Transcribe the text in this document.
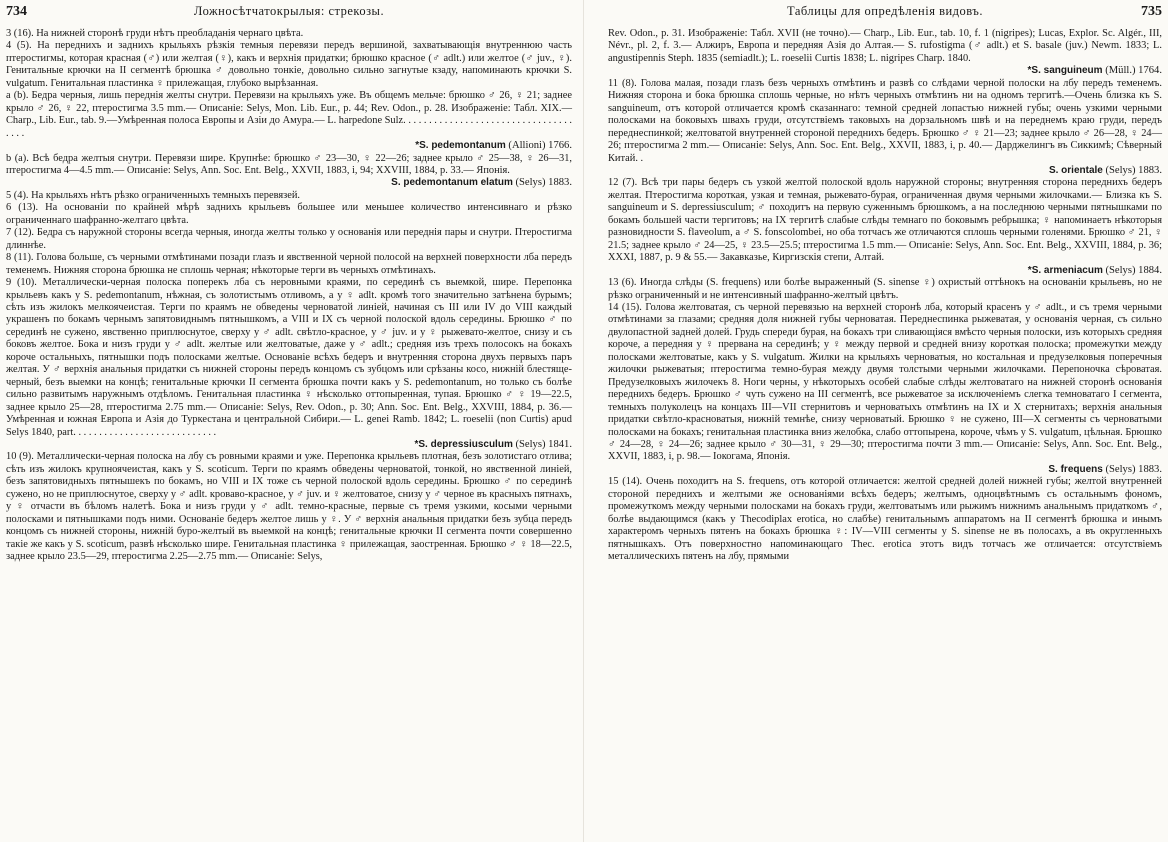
734	Ложносѣтчатокрылыя: стрекозы.

3 (16). На нижней сторонѣ груди нѣтъ преобладанія чернаго цвѣта.

4 (5). На переднихъ и заднихъ крыльяхъ рѣзкія темныя перевязи передъ вершиной, захватывающія внутреннюю часть птеростигмы, которая красная (♂) или желтая (♀), какъ и верхнія придатки; брюшко красное (♂ adlt.) или желтое (♂ juv., ♀). Генитальные крючки на II сегментѣ брюшка ♂ довольно тонкіе, довольно сильно загнутые кзаду, напоминають крючки S. vulgatum. Генитальная пластинка ♀ прилежащая, глубоко вырѣзанная.

a (b). Бедра черныя, лишь переднія желты снутри. Перевязи на крыльяхъ уже. Въ общемъ мельче: брюшко ♂ 26, ♀ 21; заднее крыло ♂ 26, ♀ 22, птеростигма 3.5 mm.— Описаніе: Selys, Mon. Lib. Eur., p. 44; Rev. Odon., p. 28. Изображеніе: Табл. XIX.— Charp., Lib. Eur., tab. 9.—Умѣренная полоса Европы и Азіи до Амура.— L. harpedone Sulz. . . . . . . . . . . . . . . . . . . . . . . . . . . . . . . . . . . . .
*S. pedemontanum (Allioni) 1766.

b (a). Всѣ бедра желтыя снутри. Перевязи шире. Крупнѣе: брюшко ♂ 23—30, ♀ 22—26; заднее крыло ♂ 25—38, ♀ 26—31, птеростигма 4—4.5 mm.— Описаніе: Selys, Ann. Soc. Ent. Belg., XXVII, 1883, i, 94; XXVIII, 1884, p. 33.— Японія.
S. pedemontanum elatum (Selys) 1883.

5 (4). На крыльяхъ нѣтъ рѣзко ограниченныхъ темныхъ перевязей.

6 (13). На основаніи по крайней мѣрѣ заднихъ крыльевъ большее или меньшее количество интенсивнаго и рѣзко ограниченнаго шафранно-желтаго цвѣта.

7 (12). Бедра съ наружной стороны всегда черныя, иногда желты только у основанія или переднія пары и снутри. Птеростигма длиннѣе.

8 (11). Голова больше, съ черными отмѣтинами позади глазъ и явственной черной полосой на верхней поверхности лба передъ теменемъ. Нижняя сторона брюшка не сплошь черная; нѣкоторые терги въ черныхъ отмѣтинахъ.

9 (10). Металлически-черная полоска поперекъ лба съ неровными краями, по серединѣ съ выемкой, шире. Перепонка крыльевъ какъ у S. pedemontanum, нѣжная, съ золотистымъ отливомъ, а у ♀ adlt. кромѣ того значительно затѣнена бурымъ; сѣть изъ жилокъ мелкоячеистая. Терги по краямъ не обведены черноватой линіей, начиная съ III или IV до VIII каждый украшенъ по бокамъ чернымъ запятовиднымъ пятнышкомъ, а VIII и IX съ черной полоской вдоль середины. Брюшко ♂ по серединѣ не сужено, явственно приплюснутое, сверху у ♂ adlt. свѣтло-красное, у ♂ juv. и у ♀ рыжевато-желтое, снизу и съ боковъ желтое. Бока и низъ груди у ♂ adlt. желтые или желтоватые, даже у ♂ adlt.; средняя изъ трехъ полосокъ на бокахъ короче остальныхъ, пятнышки подъ полосками желтые. Основаніе всѣхъ бедеръ и внутренняя сторона двухъ первыхъ паръ желтая. У ♂ верхнія анальныя придатки съ нижней стороны передъ концомъ съ зубцомъ или срѣзаны косо, нижній блестяще-черный, безъ выемки на концѣ; генитальные крючки II сегмента брюшка почти какъ у S. pedemontanum, но только съ болѣе сильно развитымъ наружнымъ отдѣломъ. Генитальная пластинка ♀ нѣсколько оттопыренная, тупая. Брюшко ♂ ♀ 19—22.5, заднее крыло 25—28, птеростигма 2.75 mm.— Описаніе: Selys, Rev. Odon., p. 30; Ann. Soc. Ent. Belg., XXVIII, 1884, p. 36.— Умѣренная и южная Европа и Азія до Туркестана и центральной Сибири.— L. genei Ramb. 1842; L. roeselii (non Curtis) apud Selys 1840, part. . . . . . . . . . . . . . . . . . . . . . . . . . . .
*S. depressiusculum (Selys) 1841.

10 (9). Металлически-черная полоска на лбу съ ровными краями и уже. Перепонка крыльевъ плотная, безъ золотистаго отлива; сѣть изъ жилокъ крупноячеистая, какъ у S. scoticum. Терги по краямъ обведены черноватой, тонкой, но явственной линіей, безъ запятовидныхъ пятнышекъ по бокамъ, но VIII и IX тоже съ черной полоской вдоль середины. Брюшко ♂ по серединѣ сужено, но не приплюснутое, сверху у ♂ adlt. кроваво-красное, у ♂ juv. и ♀ желтоватое, снизу у ♂ черное въ красныхъ пятнахъ, у ♀ отчасти въ бѣломъ налетѣ. Бока и низъ груди у ♂ adlt. темно-красные, первые съ тремя узкими, косыми черными полосками и пятнышками подъ ними. Основаніе бедеръ желтое лишь у ♀. У ♂ верхнія анальныя придатки безъ зубца передъ концомъ съ нижней стороны, нижній буро-желтый въ выемкой на концѣ; генитальные крючки II сегмента почти совершенно такіе же какъ у S. scoticum, развѣ нѣсколько шире. Генитальная пластинка ♀ прилежащая, заостренная. Брюшко ♂ ♀ 18—22.5, заднее крыло 23.5—29, птеростигма 2.25—2.75 mm.— Описаніе: Selys,

Таблицы для опредѣленія видовъ.	735

Rev. Odon., p. 31. Изображеніе: Табл. XVII (не точно).— Charp., Lib. Eur., tab. 10, f. 1 (nigripes); Lucas, Explor. Sc. Algér., III, Névr., pl. 2, f. 3.— Алжиръ, Европа и передняя Азія до Алтая.— S. rufostigma (♂ adlt.) et S. basale (juv.) Newm. 1833; L. angustipennis Steph. 1835 (semiadlt.); L. roeselii Curtis 1838; L. nigripes Charp. 1840.
*S. sanguineum (Müll.) 1764.

11 (8). Голова малая, позади глазъ безъ черныхъ отмѣтинъ и развѣ со слѣдами черной полоски на лбу передъ теменемъ. Нижняя сторона и бока брюшка сплошь черные, но нѣтъ черныхъ отмѣтинъ ни на одномъ тергитѣ.—Очень близка къ S. sanguineum, отъ которой отличается кромѣ сказаннаго: темной средней лопастью нижней губы; очень узкими черными полосками на боковыхъ швахъ груди, отсутствіемъ таковыхъ на дорзальномъ швѣ и на переднемъ краю груди, передъ переднеспинкой; желтоватой внутренней стороной переднихъ бедеръ. Брюшко ♂ ♀ 21—23; заднее крыло ♂ 26—28, ♀ 24—26; птеростигма 2 mm.— Описаніе: Selys, Ann. Soc. Ent. Belg., XXVII, 1883, i, p. 40.— Дарджелингъ въ Сиккимѣ; Сѣверный Китай. .
S. orientale (Selys) 1883.

12 (7). Всѣ три пары бедеръ съ узкой желтой полоской вдоль наружной стороны; внутренняя сторона переднихъ бедеръ желтая. Птеростигма короткая, узкая и темная, рыжевато-бурая, ограниченная двумя черными жилочками.— Близка къ S. sanguineum и S. depressiusculum; ♂ походитъ на первую суженнымъ брюшкомъ, а на последнюю черными пятнышками по бокамъ большей части тергитовъ; на IX тергитѣ слабые слѣды темнаго по боковымъ ребрышка; ♀ напоминаетъ нѣкоторыя разновидности S. flaveolum, а ♂ S. fonscolombei, но оба тотчасъ же отличаются сплошь черными голенями. Брюшко ♂ 21, ♀ 21.5; заднее крыло ♂ 24—25, ♀ 23.5—25.5; птеростигма 1.5 mm.— Описаніе: Selys, Ann. Soc. Ent. Belg., XXVIII, 1884, p. 36; XXXI, 1887, p. 9 & 55.— Закавказье, Киргизскія степи, Алтай.
*S. armeniacum (Selys) 1884.

13 (6). Иногда слѣды (S. frequens) или болѣе выраженный (S. sinense ♀) охристый оттѣнокъ на основаніи крыльевъ, но не рѣзко ограниченный и не интенсивный шафранно-желтый цвѣтъ.

14 (15). Голова желтоватая, съ черной перевязью на верхней сторонѣ лба, который красенъ у ♂ adlt., и съ тремя черными отмѣтинами за глазами; средняя доля нижней губы черноватая. Переднеспинка рыжеватая, у основанія черная, съ сильно двулопастной задней долей. Грудь спереди бурая, на бокахъ три сливающіяся вмѣсто черныя полоски, изъ которыхъ средняя короче, а передняя у ♀ прервана на серединѣ; у ♀ между первой и средней внизу короткая полоска; промежутки между полосками желтоватые, какъ у S. vulgatum. Жилки на крыльяхъ черноватыя, но костальная и предузелковыя поперечныя жилочки рыжеватыя; птеростигма темно-бурая между двумя толстыми черными жилочками. Перепоночка сѣроватая. Предузелковыхъ жилочекъ 8. Ноги черны, у нѣкоторыхъ особей слабые слѣды желтоватаго на нижней сторонѣ основанія переднихъ бедеръ. Брюшко ♂ чуть сужено на III сегментѣ, все рыжеватое за исключеніемъ слегка темноватаго I сегмента, темныхъ полуколецъ на концахъ III—VII стернитовъ и черноватыхъ отмѣтинъ на IX и X стернитахъ; верхнія анальныя придатки свѣтло-красноватыя, нижній темнѣе, снизу черноватый. Брюшко ♀ не сужено, III—X сегменты съ черноватыми полосками на бокахъ; генитальная пластинка вниз желобка, слабо оттопырена, короче, чѣмъ у S. vulgatum, цѣльная. Брюшко ♂ 24—28, ♀ 24—26; заднее крыло ♂ 30—31, ♀ 29—30; птеростигма почти 3 mm.— Описаніе: Selys, Ann. Soc. Ent. Belg., XXVII, 1883, i, p. 98.— Іокогама, Японія.
S. frequens (Selys) 1883.

15 (14). Очень походитъ на S. frequens, отъ которой отличается: желтой средней долей нижней губы; желтой внутренней стороной переднихъ и желтыми же основаніями всѣхъ бедеръ; желтымъ, одноцвѣтнымъ съ остальнымъ фономъ, промежуткомъ между черными полосками на бокахъ груди, желтоватымъ или рыжимъ нижнимъ анальнымъ придаткомъ ♂, болѣе выдающимся (какъ у Thecodiplax erotica, но слабѣе) генитальнымъ аппаратомъ на II сегментѣ брюшка и инымъ характеромъ черныхъ пятенъ на бокахъ брюшка ♀: IV—VIII сегменты у S. sinense не въ полосахъ, а въ округленныхъ пятнышкахъ. Отъ поверхностно напоминающаго Thec. erotica этотъ видъ тотчасъ же отличается: отсутствіемъ металлическихъ пятенъ на лбу, прямыми
